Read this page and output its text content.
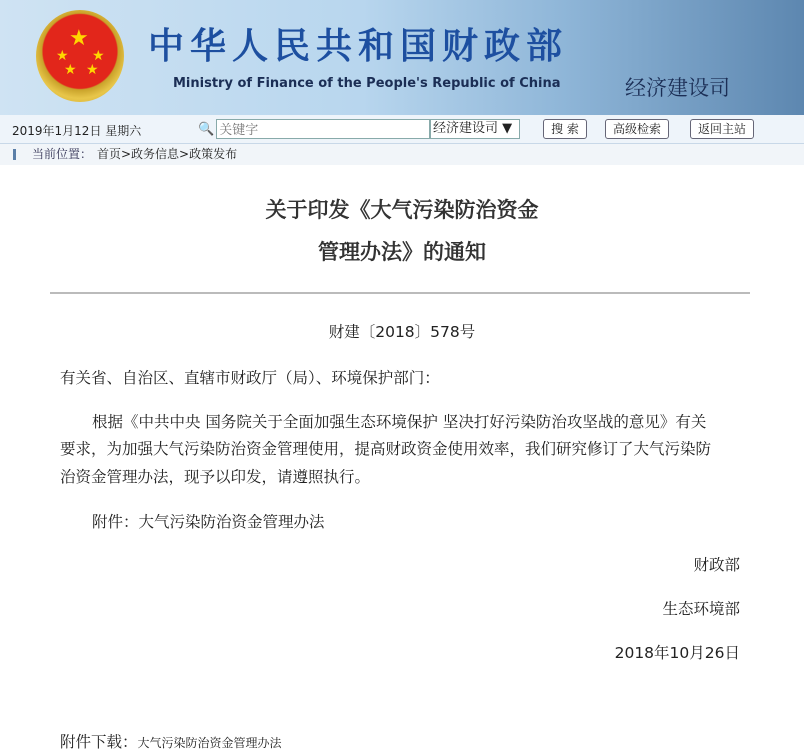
★
★ ★
★ ★
中华人民共和国财政部
Ministry of Finance of the People's Republic of China	经济建设司
2019年1月12日 星期六	🔍
关键字	经济建设司 ▼	搜 索	高级检索	返回主站
当前位置： 首页>政务信息>政策发布
关于印发《大气污染防治资金
管理办法》的通知
财建〔2018〕578号
有关省、自治区、直辖市财政厅（局）、环境保护部门：
根据《中共中央 国务院关于全面加强生态环境保护 坚决打好污染防治攻坚战的意见》有关
要求，为加强大气污染防治资金管理使用，提高财政资金使用效率，我们研究修订了大气污染防
治资金管理办法，现予以印发，请遵照执行。
附件：大气污染防治资金管理办法
财政部
生态环境部
2018年10月26日
附件下载：大气污染防治资金管理办法
